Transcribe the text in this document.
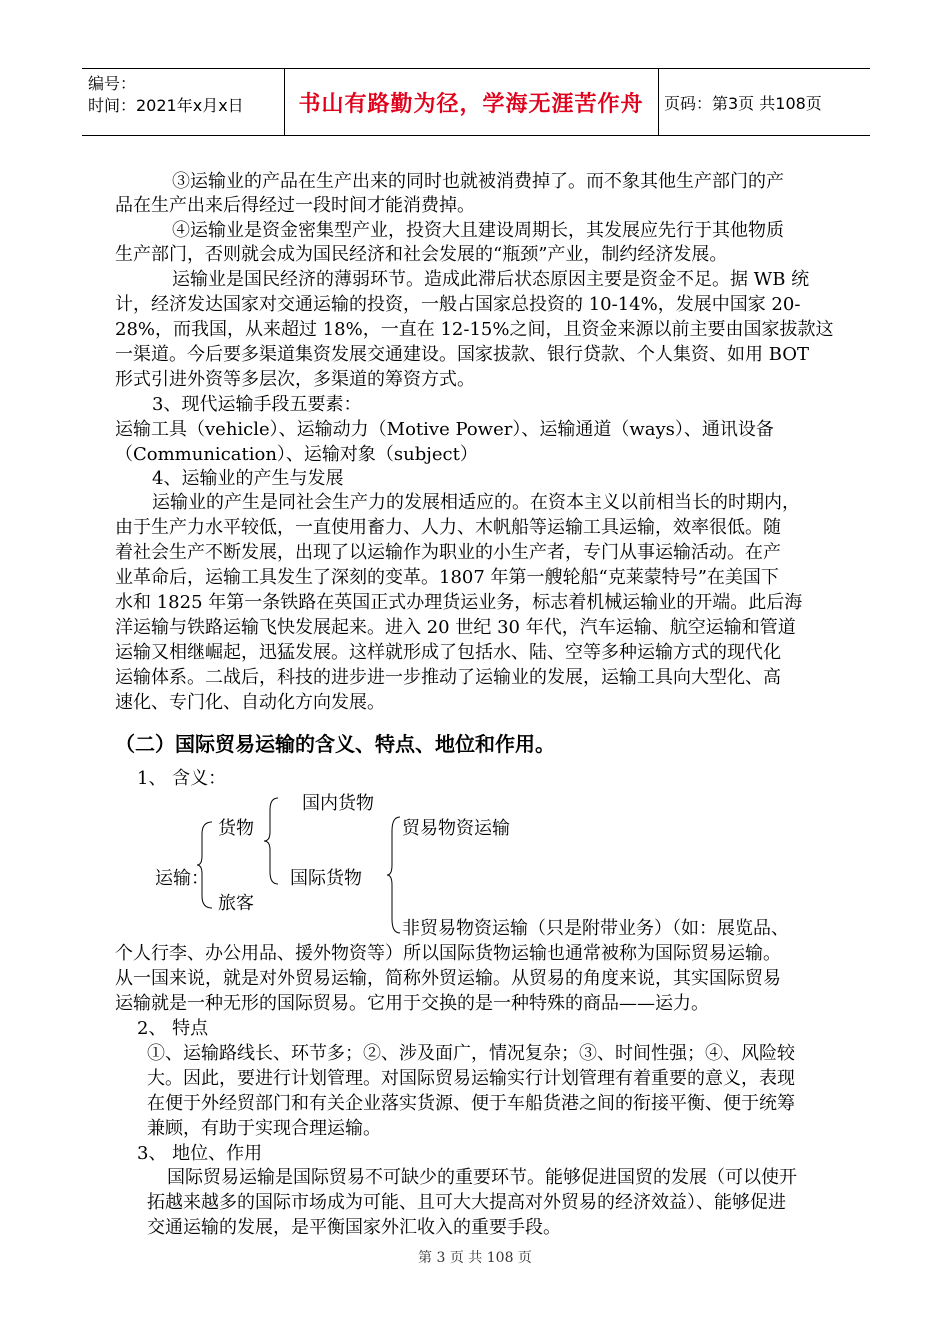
编号：
时间：2021年x月x日	书山有路勤为径，学海无涯苦作舟	页码：第3页 共108页
③运输业的产品在生产出来的同时也就被消费掉了。而不象其他生产部门的产
品在生产出来后得经过一段时间才能消费掉。
④运输业是资金密集型产业，投资大且建设周期长，其发展应先行于其他物质
生产部门，否则就会成为国民经济和社会发展的“瓶颈”产业，制约经济发展。
运输业是国民经济的薄弱环节。造成此滞后状态原因主要是资金不足。据 WB 统
计，经济发达国家对交通运输的投资，一般占国家总投资的 10-14%，发展中国家 20-
28%，而我国，从来超过 18%，一直在 12-15%之间，且资金来源以前主要由国家拔款这
一渠道。今后要多渠道集资发展交通建设。国家拔款、银行贷款、个人集资、如用 BOT
形式引进外资等多层次，多渠道的筹资方式。
3、现代运输手段五要素：
运输工具（vehicle）、运输动力（Motive Power）、运输通道（ways）、通讯设备
（Communication）、运输对象（subject）
4、运输业的产生与发展
运输业的产生是同社会生产力的发展相适应的。在资本主义以前相当长的时期内，
由于生产力水平较低，一直使用畜力、人力、木帆船等运输工具运输，效率很低。随
着社会生产不断发展，出现了以运输作为职业的小生产者，专门从事运输活动。在产
业革命后，运输工具发生了深刻的变革。1807 年第一艘轮船“克莱蒙特号”在美国下
水和 1825 年第一条铁路在英国正式办理货运业务，标志着机械运输业的开端。此后海
洋运输与铁路运输飞快发展起来。进入 20 世纪 30 年代，汽车运输、航空运输和管道
运输又相继崛起，迅猛发展。这样就形成了包括水、陆、空等多种运输方式的现代化
运输体系。二战后，科技的进步进一步推动了运输业的发展，运输工具向大型化、高
速化、专门化、自动化方向发展。
（二）国际贸易运输的含义、特点、地位和作用。
1、 含义：
国内货物
货物	贸易物资运输
运输：	国际货物
旅客
非贸易物资运输（只是附带业务）（如：展览品、
个人行李、办公用品、援外物资等）所以国际货物运输也通常被称为国际贸易运输。
从一国来说，就是对外贸易运输，简称外贸运输。从贸易的角度来说，其实国际贸易
运输就是一种无形的国际贸易。它用于交换的是一种特殊的商品——运力。
2、 特点
①、运输路线长、环节多；②、涉及面广，情况复杂；③、时间性强；④、风险较
大。因此，要进行计划管理。对国际贸易运输实行计划管理有着重要的意义，表现
在便于外经贸部门和有关企业落实货源、便于车船货港之间的衔接平衡、便于统筹
兼顾，有助于实现合理运输。
3、 地位、作用
国际贸易运输是国际贸易不可缺少的重要环节。能够促进国贸的发展（可以使开
拓越来越多的国际市场成为可能、且可大大提高对外贸易的经济效益）、能够促进
交通运输的发展，是平衡国家外汇收入的重要手段。
第 3 页 共 108 页
